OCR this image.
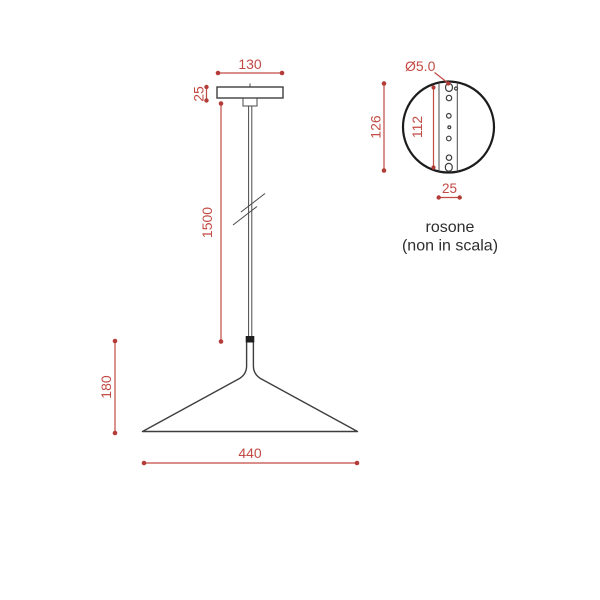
130
25
1500
180
440
Ø5.0
126 112
25
rosone
(non in scala)
